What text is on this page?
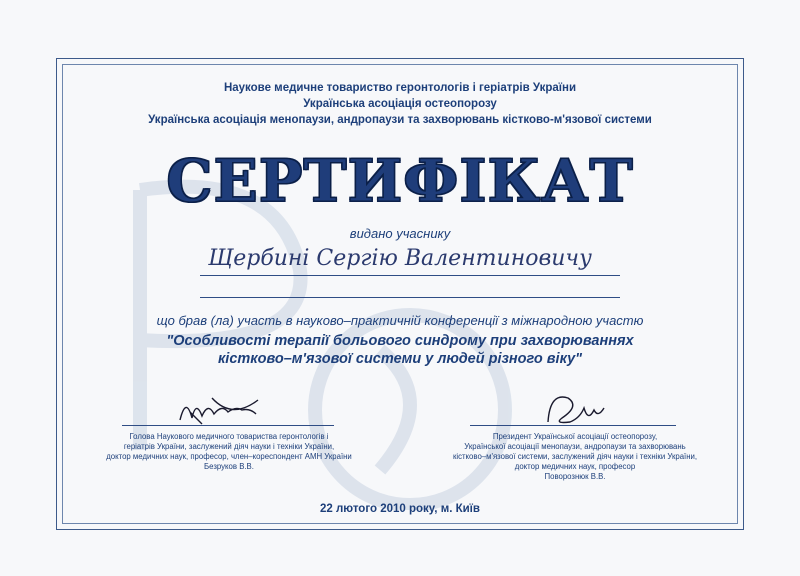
Наукове медичне товариство геронтологів і геріатрів України
Українська асоціація остеопорозу
Українська асоціація менопаузи, андропаузи та захворювань кістково-м'язової системи
СЕРТИФІКАТ
видано учаснику
Щербині Сергію Валентиновичу
що брав (ла) участь в науково–практичній конференції з міжнародною участю
"Особливості терапії больового синдрому при захворюваннях
кістково–м'язової системи у людей різного віку"
Голова Наукового медичного товариства геронтологів і
геріатрів України, заслужений діяч науки і техніки України,
доктор медичних наук, професор, член–кореспондент АМН України
Безруков В.В.
Президент Української асоціації остеопорозу,
Української асоціації менопаузи, андропаузи та захворювань
кістково–м'язової системи, заслужений діяч науки і техніки України,
доктор медичних наук, професор
Поворознюк В.В.
22 лютого 2010 року, м. Київ
